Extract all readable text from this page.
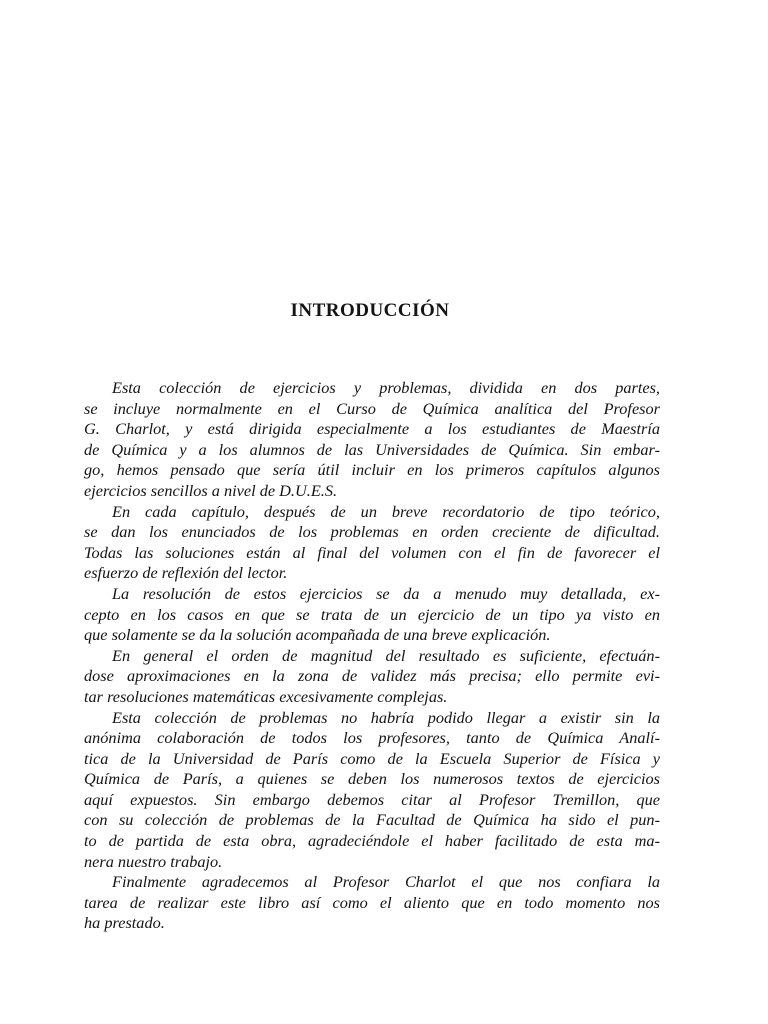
INTRODUCCIÓN

Esta colección de ejercicios y problemas, dividida en dos partes,
se incluye normalmente en el Curso de Química analítica del Profesor
G. Charlot, y está dirigida especialmente a los estudiantes de Maestría
de Química y a los alumnos de las Universidades de Química. Sin embar-
go, hemos pensado que sería útil incluir en los primeros capítulos algunos
ejercicios sencillos a nivel de D.U.E.S.

En cada capítulo, después de un breve recordatorio de tipo teórico,
se dan los enunciados de los problemas en orden creciente de dificultad.
Todas las soluciones están al final del volumen con el fin de favorecer el
esfuerzo de reflexión del lector.

La resolución de estos ejercicios se da a menudo muy detallada, ex-
cepto en los casos en que se trata de un ejercicio de un tipo ya visto en
que solamente se da la solución acompañada de una breve explicación.

En general el orden de magnitud del resultado es suficiente, efectuán-
dose aproximaciones en la zona de validez más precisa; ello permite evi-
tar resoluciones matemáticas excesivamente complejas.

Esta colección de problemas no habría podido llegar a existir sin la
anónima colaboración de todos los profesores, tanto de Química Analí-
tica de la Universidad de París como de la Escuela Superior de Física y
Química de París, a quienes se deben los numerosos textos de ejercicios
aquí expuestos. Sin embargo debemos citar al Profesor Tremillon, que
con su colección de problemas de la Facultad de Química ha sido el pun-
to de partida de esta obra, agradeciéndole el haber facilitado de esta ma-
nera nuestro trabajo.

Finalmente agradecemos al Profesor Charlot el que nos confiara la
tarea de realizar este libro así como el aliento que en todo momento nos
ha prestado.
